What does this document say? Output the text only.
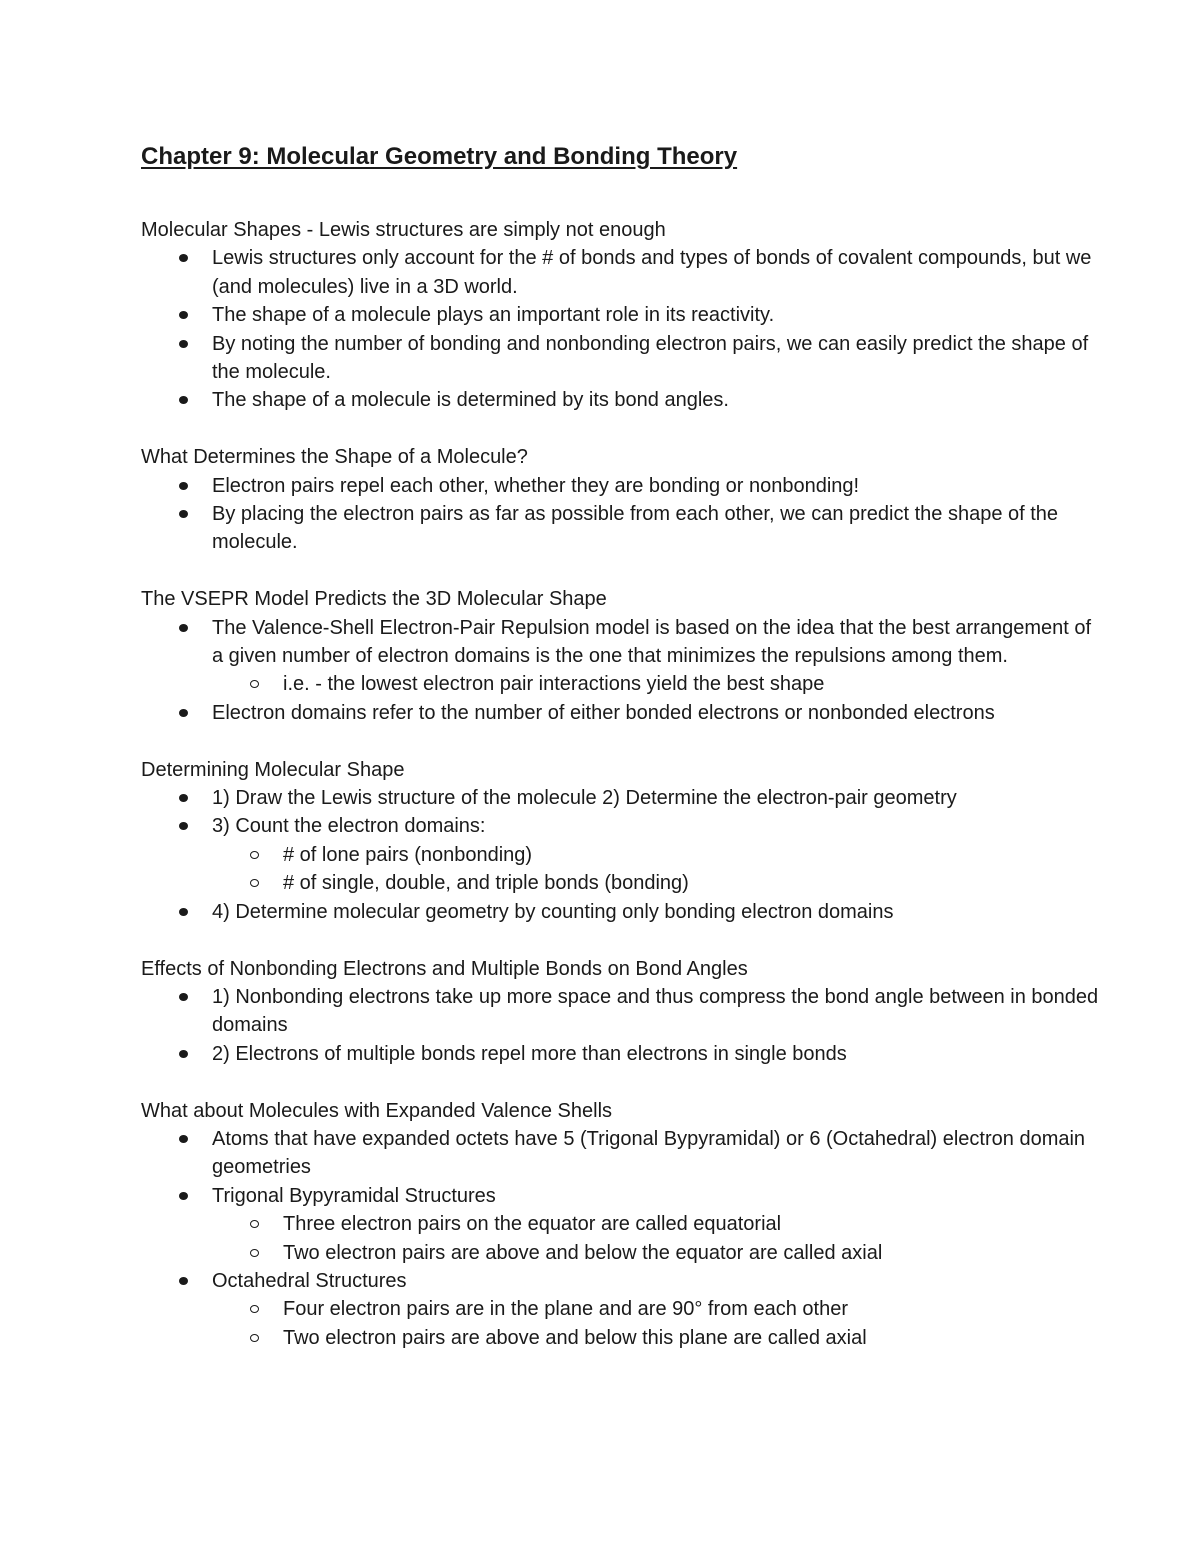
Chapter 9: Molecular Geometry and Bonding Theory

Molecular Shapes - Lewis structures are simply not enough

Lewis structures only account for the # of bonds and types of bonds of covalent compounds, but we (and molecules) live in a 3D world.
The shape of a molecule plays an important role in its reactivity.
By noting the number of bonding and nonbonding electron pairs, we can easily predict the shape of the molecule.
The shape of a molecule is determined by its bond angles.

What Determines the Shape of a Molecule?

Electron pairs repel each other, whether they are bonding or nonbonding!
By placing the electron pairs as far as possible from each other, we can predict the shape of the molecule.

The VSEPR Model Predicts the 3D Molecular Shape

The Valence-Shell Electron-Pair Repulsion model is based on the idea that the best arrangement of a given number of electron domains is the one that minimizes the repulsions among them.
i.e. - the lowest electron pair interactions yield the best shape
Electron domains refer to the number of either bonded electrons or nonbonded electrons

Determining Molecular Shape

1) Draw the Lewis structure of the molecule 2) Determine the electron-pair geometry
3) Count the electron domains:
# of lone pairs (nonbonding)
# of single, double, and triple bonds (bonding)
4) Determine molecular geometry by counting only bonding electron domains

Effects of Nonbonding Electrons and Multiple Bonds on Bond Angles

1) Nonbonding electrons take up more space and thus compress the bond angle between in bonded domains
2) Electrons of multiple bonds repel more than electrons in single bonds

What about Molecules with Expanded Valence Shells

Atoms that have expanded octets have 5 (Trigonal Bypyramidal) or 6 (Octahedral) electron domain geometries
Trigonal Bypyramidal Structures
Three electron pairs on the equator are called equatorial
Two electron pairs are above and below the equator are called axial
Octahedral Structures
Four electron pairs are in the plane and are 90° from each other
Two electron pairs are above and below this plane are called axial
